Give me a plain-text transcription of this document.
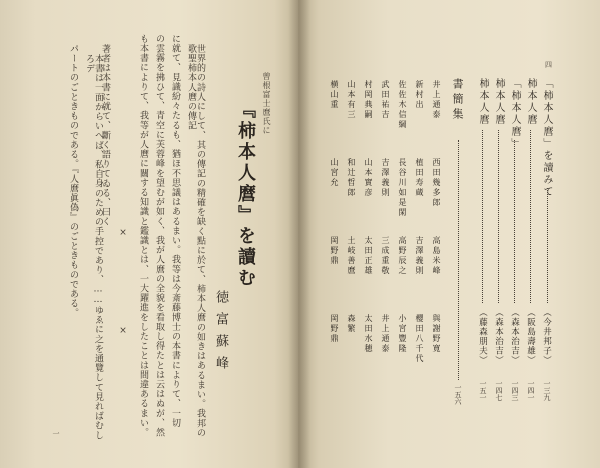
曾根富士麿氏に
『柿本人麿』を讀む
徳富蘇峰
世界的の詩人にして、其の傳記の精確を缺く點に於て、柿本人麿の如きはあるまい。我邦の歌聖柿本人麿の傳記
に就て、見識紛々たるも、猶ほ不思議はあるまい。我等は今斎藤博士の本書によりて、一切
の雲霧を拂ひて、青空に芙蓉峰を望むが如く、我が人麿の全貌を看取し得たとは云はぬが、然
も本書によりて、我等が人麿に關する知識と鑑識とは、一大躍進をしたことは間違あるまい。
×
×
著者は本書に就て、斷く語りてゐる、曰く
本書は一面からいへば、私自身のための手控であり、……ゆゑに之を通覽して見ればむしろデ
パートのごときものである。『人麿眞偽』のごときものである。
一
四
「柿本人麿」を讀みて
（今井邦子）
一三九
柿本人麿
（阪島壽雄）
一四一
「柿本人麿」
（森本治吉）
一四三
柿本人麿
（森本治吉）
一四七
柿本人麿
（藤森朋夫）
一五一
書簡集
一五六
井上通泰
新村出
佐佐木信綱
武田祐吉
村岡典嗣
山本有三
横山重
西田幾多郎
植田寿蔵
長谷川如是閑
吉澤義則
山本實彦
和辻哲郎
山宮允
高島米峰
吉澤義則
高野辰之
三成重敬
太田正雄
土岐善麿
岡野鼎
與謝野寛
櫻田八千代
小宮豐隆
井上通泰
太田水穂
森繁
岡野鼎
